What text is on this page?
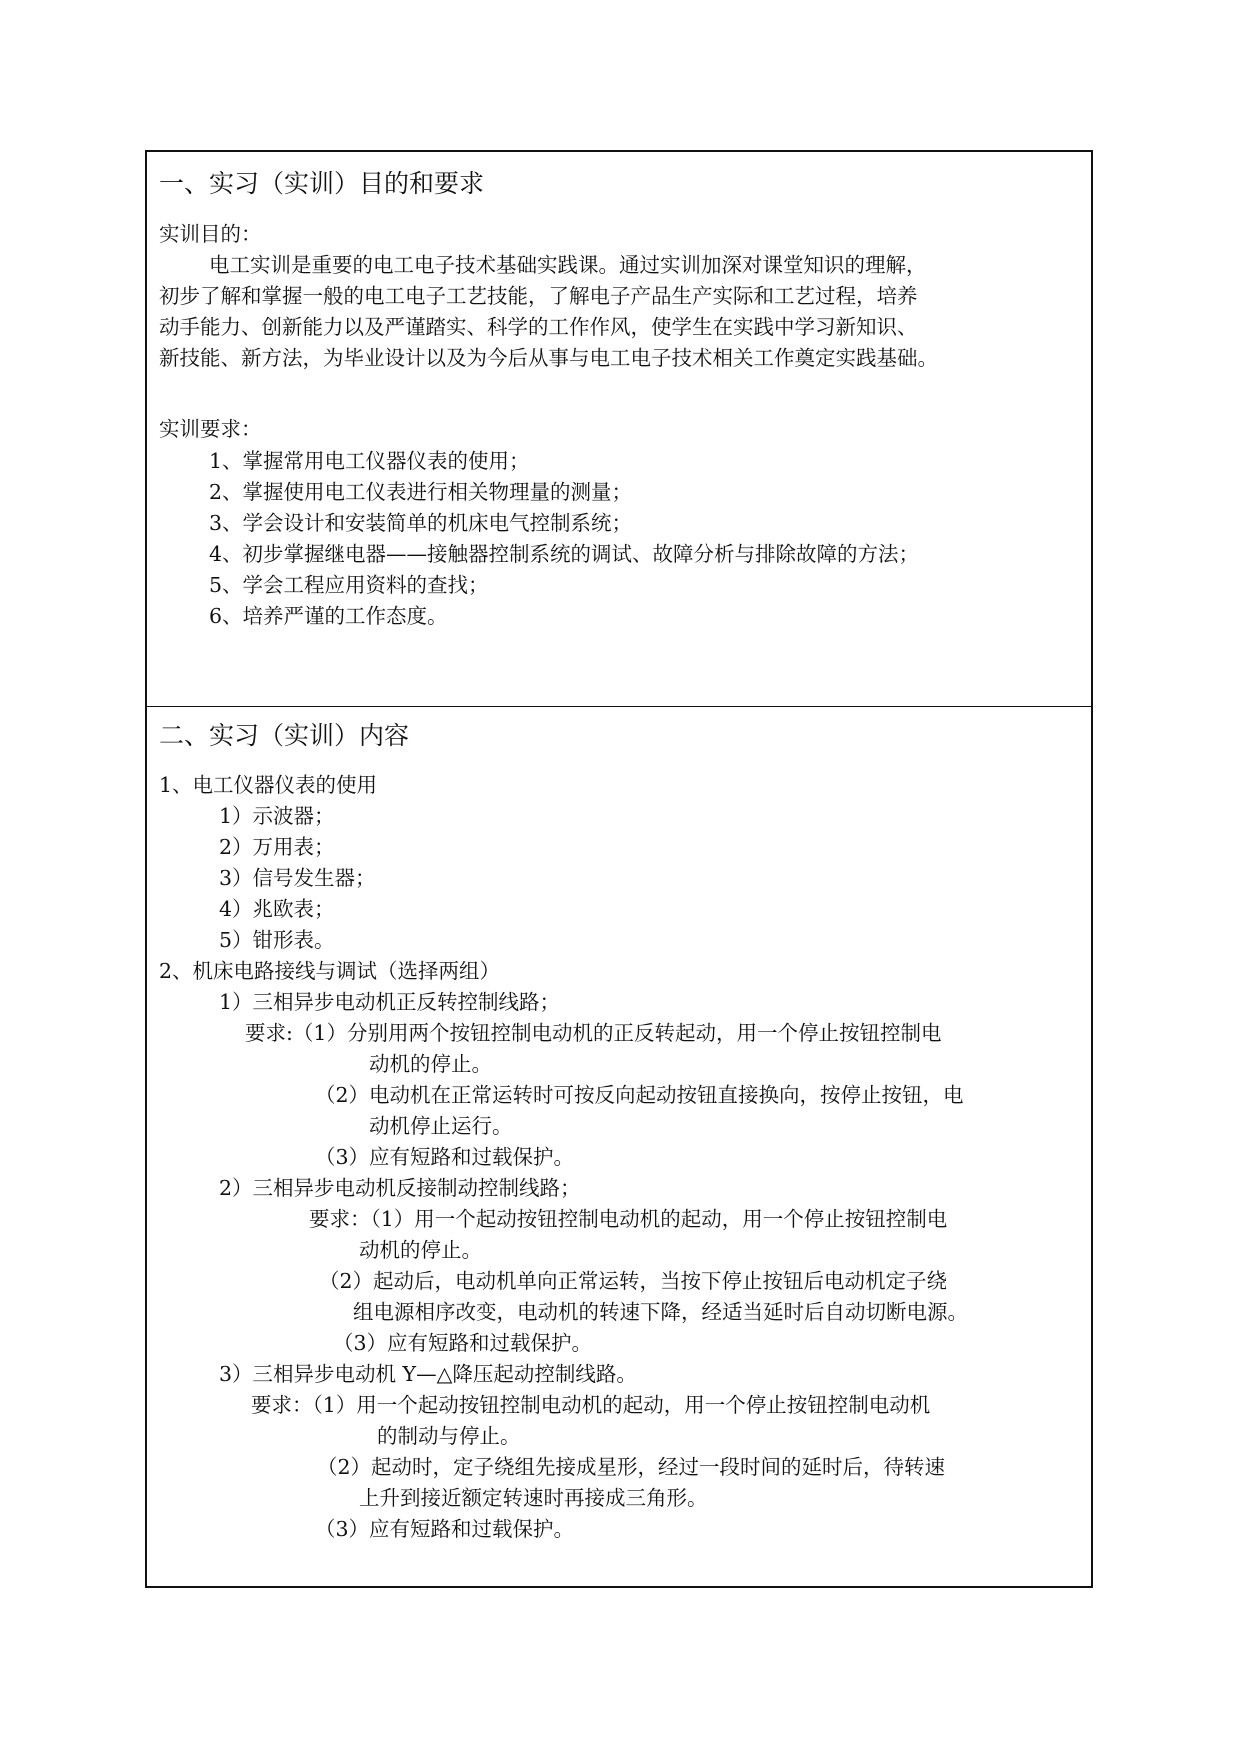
一、实习（实训）目的和要求
实训目的：
电工实训是重要的电工电子技术基础实践课。通过实训加深对课堂知识的理解，
初步了解和掌握一般的电工电子工艺技能，了解电子产品生产实际和工艺过程，培养
动手能力、创新能力以及严谨踏实、科学的工作作风，使学生在实践中学习新知识、
新技能、新方法，为毕业设计以及为今后从事与电工电子技术相关工作奠定实践基础。
实训要求：
1、掌握常用电工仪器仪表的使用；
2、掌握使用电工仪表进行相关物理量的测量；
3、学会设计和安装简单的机床电气控制系统；
4、初步掌握继电器——接触器控制系统的调试、故障分析与排除故障的方法；
5、学会工程应用资料的查找；
6、培养严谨的工作态度。
二、实习（实训）内容
1、电工仪器仪表的使用
1）示波器；
2）万用表；
3）信号发生器；
4）兆欧表；
5）钳形表。
2、机床电路接线与调试（选择两组）
1）三相异步电动机正反转控制线路；
要求:（1）分别用两个按钮控制电动机的正反转起动，用一个停止按钮控制电
动机的停止。
（2）电动机在正常运转时可按反向起动按钮直接换向，按停止按钮，电
动机停止运行。
（3）应有短路和过载保护。
2）三相异步电动机反接制动控制线路；
要求：（1）用一个起动按钮控制电动机的起动，用一个停止按钮控制电
动机的停止。
（2）起动后，电动机单向正常运转，当按下停止按钮后电动机定子绕
组电源相序改变，电动机的转速下降，经适当延时后自动切断电源。
（3）应有短路和过载保护。
3）三相异步电动机 Y—△降压起动控制线路。
要求：（1）用一个起动按钮控制电动机的起动，用一个停止按钮控制电动机
的制动与停止。
（2）起动时，定子绕组先接成星形，经过一段时间的延时后，待转速
上升到接近额定转速时再接成三角形。
（3）应有短路和过载保护。
